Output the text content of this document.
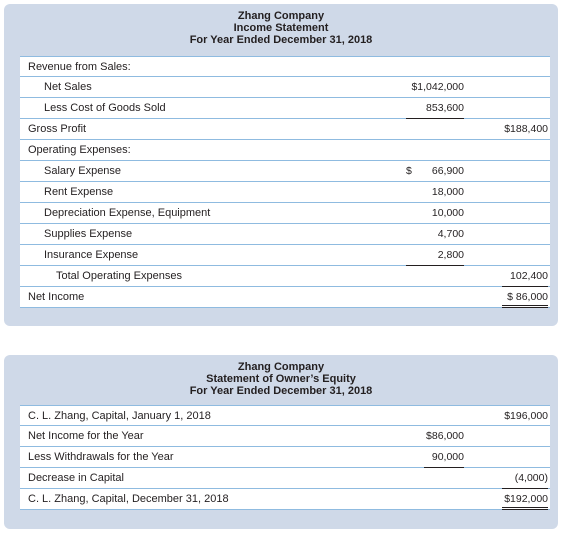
Zhang Company
Income Statement
For Year Ended December 31, 2018
Revenue from Sales:
Net Sales	$1,042,000
Less Cost of Goods Sold	853,600
Gross Profit	$188,400
Operating Expenses:
Salary Expense	$	66,900
Rent Expense	18,000
Depreciation Expense, Equipment	10,000
Supplies Expense	4,700
Insurance Expense	2,800
Total Operating Expenses	102,400
Net Income	$ 86,000
Zhang Company
Statement of Owner’s Equity
For Year Ended December 31, 2018
C. L. Zhang, Capital, January 1, 2018	$196,000
Net Income for the Year	$86,000
Less Withdrawals for the Year	90,000
Decrease in Capital	(4,000)
C. L. Zhang, Capital, December 31, 2018	$192,000
